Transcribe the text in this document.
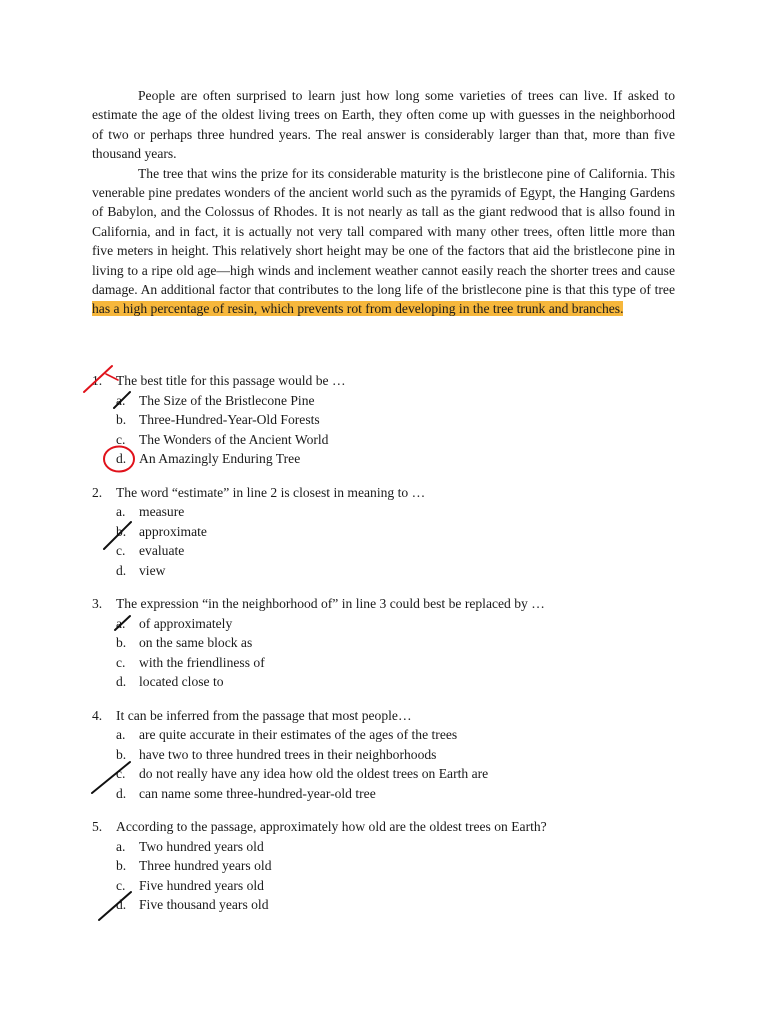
People are often surprised to learn just how long some varieties of trees can live. If asked to estimate the age of the oldest living trees on Earth, they often come up with guesses in the neighborhood of two or perhaps three hundred years. The real answer is considerably larger than that, more than five thousand years.

The tree that wins the prize for its considerable maturity is the bristlecone pine of California. This venerable pine predates wonders of the ancient world such as the pyramids of Egypt, the Hanging Gardens of Babylon, and the Colossus of Rhodes. It is not nearly as tall as the giant redwood that is allso found in California, and in fact, it is actually not very tall compared with many other trees, often little more than five meters in height. This relatively short height may be one of the factors that aid the bristlecone pine in living to a ripe old age—high winds and inclement weather cannot easily reach the shorter trees and cause damage. An additional factor that contributes to the long life of the bristlecone pine is that this type of tree has a high percentage of resin, which prevents rot from developing in the tree trunk and branches.

1. The best title for this passage would be …
a. The Size of the Bristlecone Pine
b. Three-Hundred-Year-Old Forests
c. The Wonders of the Ancient World
d. An Amazingly Enduring Tree
2. The word “estimate” in line 2 is closest in meaning to …
a. measure
b. approximate
c. evaluate
d. view
3. The expression “in the neighborhood of” in line 3 could best be replaced by …
a. of approximately
b. on the same block as
c. with the friendliness of
d. located close to
4. It can be inferred from the passage that most people…
a. are quite accurate in their estimates of the ages of the trees
b. have two to three hundred trees in their neighborhoods
c. do not really have any idea how old the oldest trees on Earth are
d. can name some three-hundred-year-old tree
5. According to the passage, approximately how old are the oldest trees on Earth?
a. Two hundred years old
b. Three hundred years old
c. Five hundred years old
d. Five thousand years old
